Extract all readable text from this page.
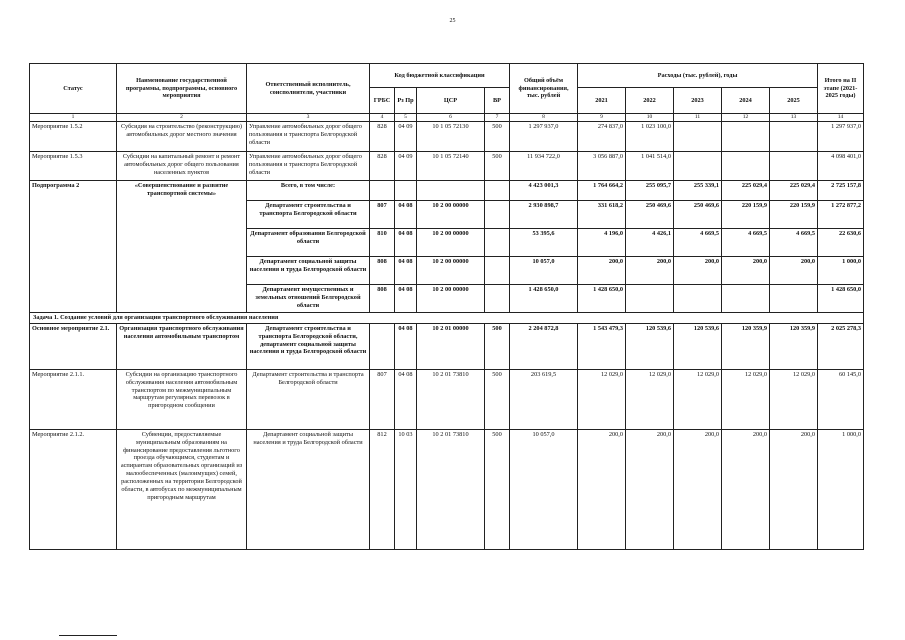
25
Статус	Наименование государственной программы, подпрограммы, основного мероприятия	Ответственный исполнитель, соисполнители, участники	Код бюджетной классификации				Общий объём финансирования, тыс. рублей	Расходы (тыс. рублей), годы					Итого на II этапе (2021-2025 годы)
			ГРБС	Рз Пр	ЦСР	ВР		2021	2022	2023	2024	2025	
1	2	3	4	5	6	7	8	9	10	11	12	13	14
Мероприятие 1.5.2	Субсидия на строительство (реконструкцию) автомобильных дорог местного значения	Управление автомобильных дорог общего пользования и транспорта Белгородской области	828	04 09	10 1 05 72130	500	1 297 937,0	274 837,0	1 023 100,0				1 297 937,0
Мероприятие 1.5.3	Субсидии на капитальный ремонт и ремонт автомобильных дорог общего пользования населенных пунктов	Управление автомобильных дорог общего пользования и транспорта Белгородской области	828	04 09	10 1 05 72140	500	11 934 722,0	3 056 887,0	1 041 514,0				4 098 401,0
Подпрограмма 2	«Совершенствование и развитие транспортной системы»	Всего, в том числе:					4 423 001,3	1 764 664,2	255 095,7	255 339,1	225 029,4	225 029,4	2 725 157,8
		Департамент строительства и транспорта Белгородской области	807	04 08	10 2 00 00000		2 930 898,7	331 618,2	250 469,6	250 469,6	220 159,9	220 159,9	1 272 877,2
		Департамент образования Белгородской области	810	04 08	10 2 00 00000		53 395,6	4 196,0	4 426,1	4 669,5	4 669,5	4 669,5	22 630,6
		Департамент социальной защиты населения и труда Белгородской области	808	04 08	10 2 00 00000		10 057,0	200,0	200,0	200,0	200,0	200,0	1 000,0
		Департамент имущественных и земельных отношений Белгородской области	808	04 08	10 2 00 00000		1 428 650,0	1 428 650,0					1 428 650,0
Задача 1. Создание условий для организации транспортного обслуживания населения													
Основное мероприятие 2.1.	Организация транспортного обслуживания населения автомобильным транспортом	Департамент строительства и транспорта Белгородской области, департамент социальной защиты населения и труда Белгородской области		04 08	10 2 01 00000	500	2 204 872,8	1 543 479,3	120 539,6	120 539,6	120 359,9	120 359,9	2 025 278,3
Мероприятие 2.1.1.	Субсидии на организацию транспортного обслуживания населения автомобильным транспортом по межмуниципальным маршрутам регулярных перевозок в пригородном сообщении	Департамент строительства и транспорта Белгородской области	807	04 08	10 2 01 73810	500	203 619,5	12 029,0	12 029,0	12 029,0	12 029,0	12 029,0	60 145,0
Мероприятие 2.1.2.	Субвенции, предоставляемые муниципальным образованиям на финансирование предоставления льготного проезда обучающимся, студентам и аспирантам образовательных организаций из малообеспеченных (малоимущих) семей, расположенных на территории Белгородской области, в автобусах по межмуниципальным пригородным маршрутам	Департамент социальной защиты населения и труда Белгородской области	812	10 03	10 2 01 73810	500	10 057,0	200,0	200,0	200,0	200,0	200,0	1 000,0
